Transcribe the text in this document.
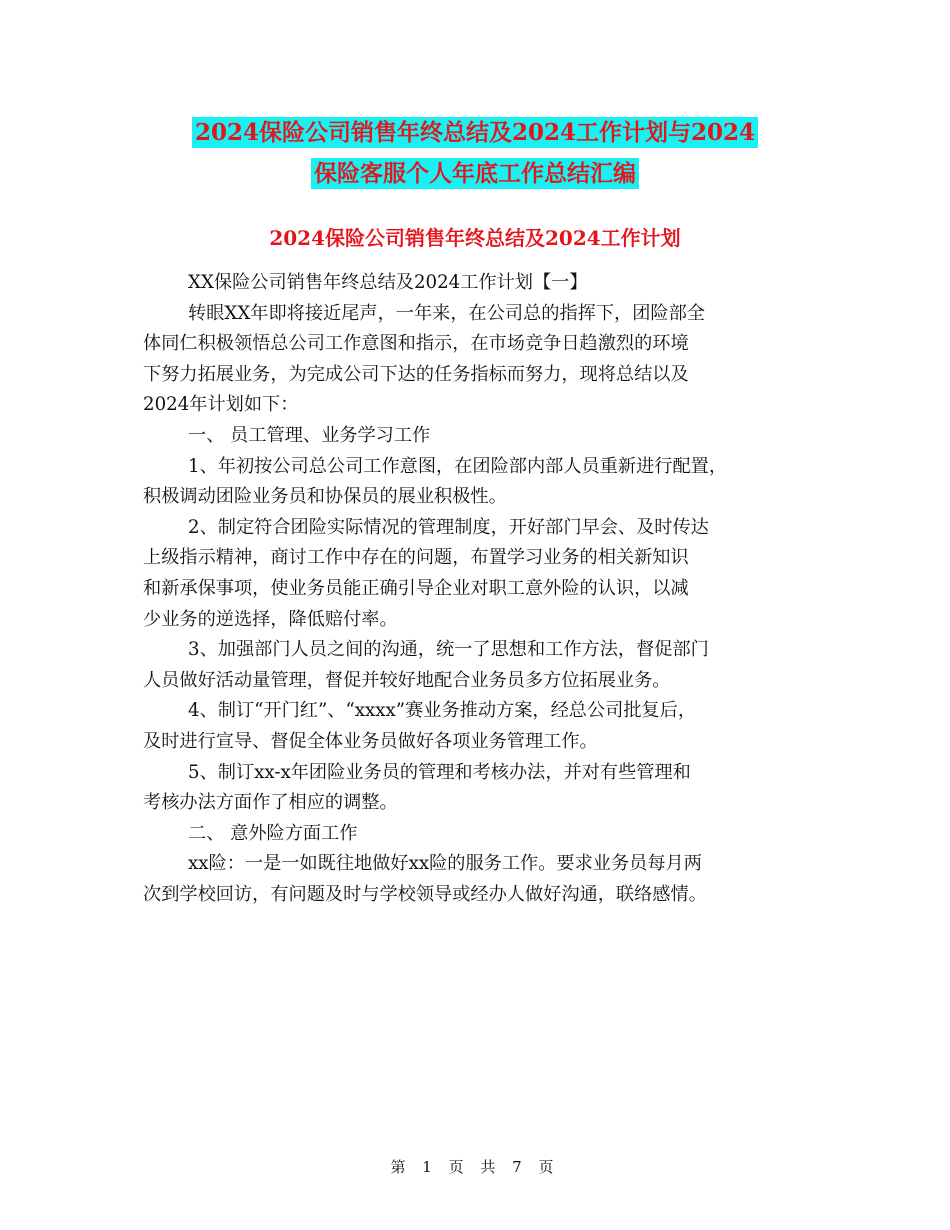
2024保险公司销售年终总结及2024工作计划与2024
保险客服个人年底工作总结汇编
2024保险公司销售年终总结及2024工作计划
XX保险公司销售年终总结及2024工作计划【一】
转眼XX年即将接近尾声，一年来，在公司总的指挥下，团险部全
体同仁积极领悟总公司工作意图和指示，在市场竞争日趋激烈的环境
下努力拓展业务，为完成公司下达的任务指标而努力，现将总结以及
2024年计划如下：
一、 员工管理、业务学习工作
1、年初按公司总公司工作意图，在团险部内部人员重新进行配置，
积极调动团险业务员和协保员的展业积极性。
2、制定符合团险实际情况的管理制度，开好部门早会、及时传达
上级指示精神，商讨工作中存在的问题，布置学习业务的相关新知识
和新承保事项，使业务员能正确引导企业对职工意外险的认识，以减
少业务的逆选择，降低赔付率。
3、加强部门人员之间的沟通，统一了思想和工作方法，督促部门
人员做好活动量管理，督促并较好地配合业务员多方位拓展业务。
4、制订“开门红”、“xxxx”赛业务推动方案，经总公司批复后，
及时进行宣导、督促全体业务员做好各项业务管理工作。
5、制订xx-x年团险业务员的管理和考核办法，并对有些管理和
考核办法方面作了相应的调整。
二、 意外险方面工作
xx险：一是一如既往地做好xx险的服务工作。要求业务员每月两
次到学校回访，有问题及时与学校领导或经办人做好沟通，联络感情。
第 1 页 共 7 页
